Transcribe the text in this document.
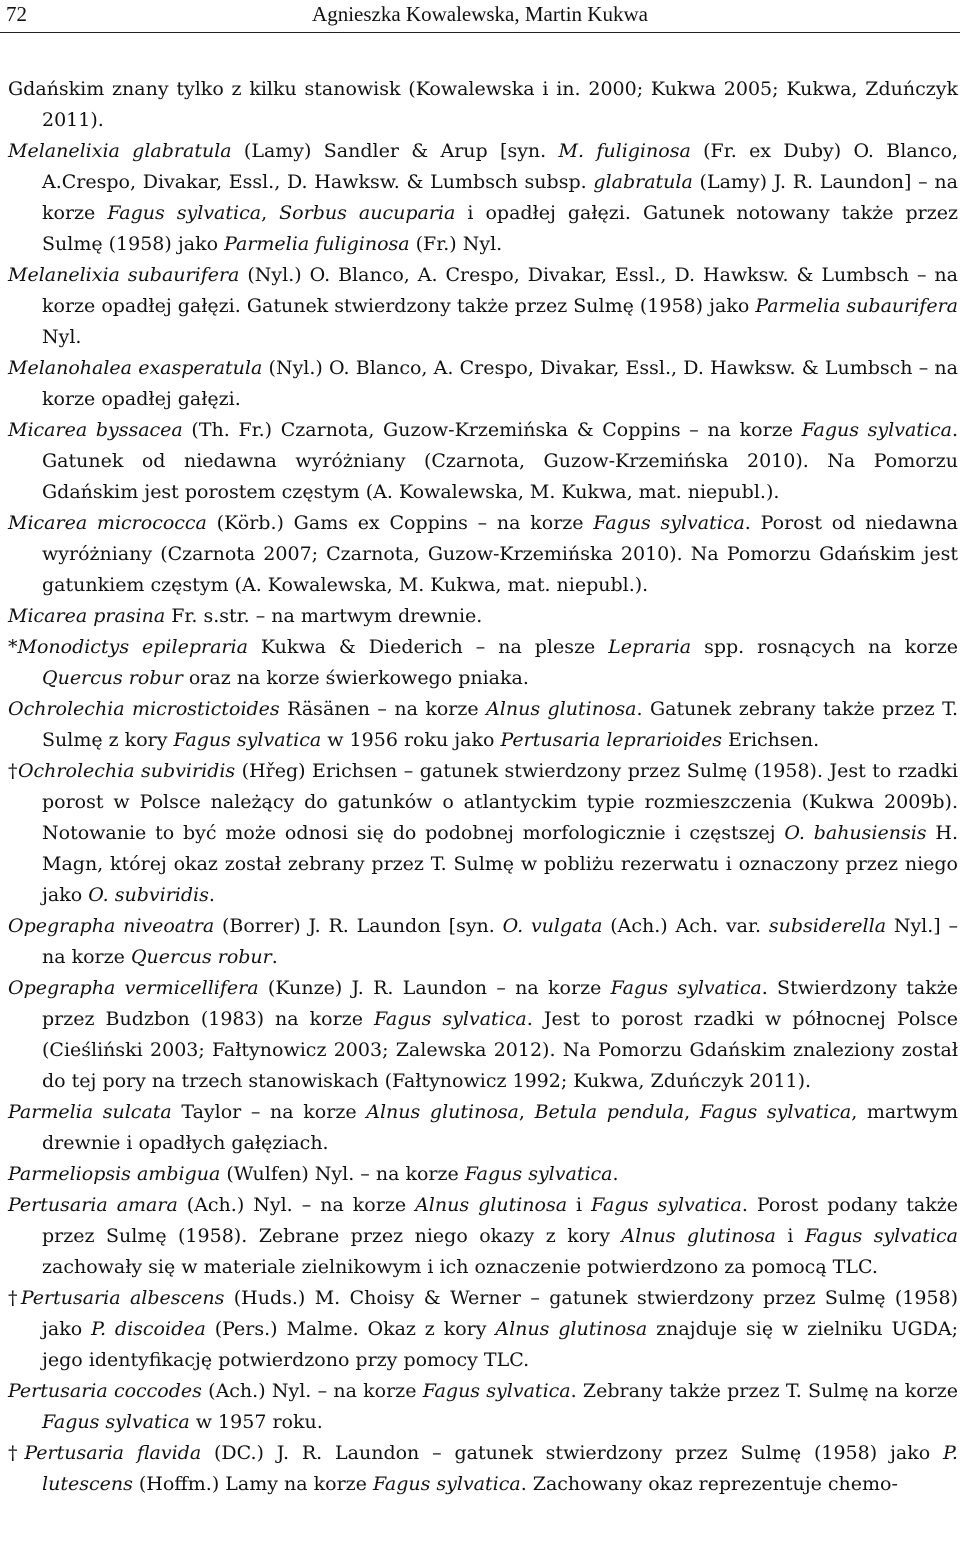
72	Agnieszka Kowalewska, Martin Kukwa

Gdańskim znany tylko z kilku stanowisk (Kowalewska i in. 2000; Kukwa 2005; Kukwa, Zduńczyk 2011).

Melanelixia glabratula (Lamy) Sandler & Arup [syn. M. fuliginosa (Fr. ex Duby) O. Blanco, A.Crespo, Divakar, Essl., D. Hawksw. & Lumbsch subsp. glabratula (Lamy) J. R. Laundon] – na korze Fagus sylvatica, Sorbus aucuparia i opadłej gałęzi. Gatunek notowany także przez Sulmę (1958) jako Parmelia fuliginosa (Fr.) Nyl.

Melanelixia subaurifera (Nyl.) O. Blanco, A. Crespo, Divakar, Essl., D. Hawksw. & Lumbsch – na korze opadłej gałęzi. Gatunek stwierdzony także przez Sulmę (1958) jako Parmelia subaurifera Nyl.

Melanohalea exasperatula (Nyl.) O. Blanco, A. Crespo, Divakar, Essl., D. Hawksw. & Lumbsch – na korze opadłej gałęzi.

Micarea byssacea (Th. Fr.) Czarnota, Guzow-Krzemińska & Coppins – na korze Fagus sylvatica. Gatunek od niedawna wyróżniany (Czarnota, Guzow-Krzemińska 2010). Na Pomorzu Gdańskim jest porostem częstym (A. Kowalewska, M. Kukwa, mat. niepubl.).

Micarea micrococca (Körb.) Gams ex Coppins – na korze Fagus sylvatica. Porost od niedawna wyróżniany (Czarnota 2007; Czarnota, Guzow-Krzemińska 2010). Na Pomorzu Gdańskim jest gatunkiem częstym (A. Kowalewska, M. Kukwa, mat. niepubl.).

Micarea prasina Fr. s.str. – na martwym drewnie.

*Monodictys epilepraria Kukwa & Diederich – na plesze Lepraria spp. rosnących na korze Quercus robur oraz na korze świerkowego pniaka.

Ochrolechia microstictoides Räsänen – na korze Alnus glutinosa. Gatunek zebrany także przez T. Sulmę z kory Fagus sylvatica w 1956 roku jako Pertusaria leprarioides Erichsen.

†Ochrolechia subviridis (Hřeg) Erichsen – gatunek stwierdzony przez Sulmę (1958). Jest to rzadki porost w Polsce należący do gatunków o atlantyckim typie rozmieszczenia (Kukwa 2009b). Notowanie to być może odnosi się do podobnej morfologicznie i częstszej O. bahusiensis H. Magn, której okaz został zebrany przez T. Sulmę w pobliżu rezerwatu i oznaczony przez niego jako O. subviridis.

Opegrapha niveoatra (Borrer) J. R. Laundon [syn. O. vulgata (Ach.) Ach. var. subsiderella Nyl.] – na korze Quercus robur.

Opegrapha vermicellifera (Kunze) J. R. Laundon – na korze Fagus sylvatica. Stwierdzony także przez Budzbon (1983) na korze Fagus sylvatica. Jest to porost rzadki w północnej Polsce (Cieśliński 2003; Fałtynowicz 2003; Zalewska 2012). Na Pomorzu Gdańskim znaleziony został do tej pory na trzech stanowiskach (Fałtynowicz 1992; Kukwa, Zduńczyk 2011).

Parmelia sulcata Taylor – na korze Alnus glutinosa, Betula pendula, Fagus sylvatica, martwym drewnie i opadłych gałęziach.

Parmeliopsis ambigua (Wulfen) Nyl. – na korze Fagus sylvatica.

Pertusaria amara (Ach.) Nyl. – na korze Alnus glutinosa i Fagus sylvatica. Porost podany także przez Sulmę (1958). Zebrane przez niego okazy z kory Alnus glutinosa i Fagus sylvatica zachowały się w materiale zielnikowym i ich oznaczenie potwierdzono za pomocą TLC.

†Pertusaria albescens (Huds.) M. Choisy & Werner – gatunek stwierdzony przez Sulmę (1958) jako P. discoidea (Pers.) Malme. Okaz z kory Alnus glutinosa znajduje się w zielniku UGDA; jego identyfikację potwierdzono przy pomocy TLC.

Pertusaria coccodes (Ach.) Nyl. – na korze Fagus sylvatica. Zebrany także przez T. Sulmę na korze Fagus sylvatica w 1957 roku.

†Pertusaria flavida (DC.) J. R. Laundon – gatunek stwierdzony przez Sulmę (1958) jako P. lutescens (Hoffm.) Lamy na korze Fagus sylvatica. Zachowany okaz reprezentuje chemo-
